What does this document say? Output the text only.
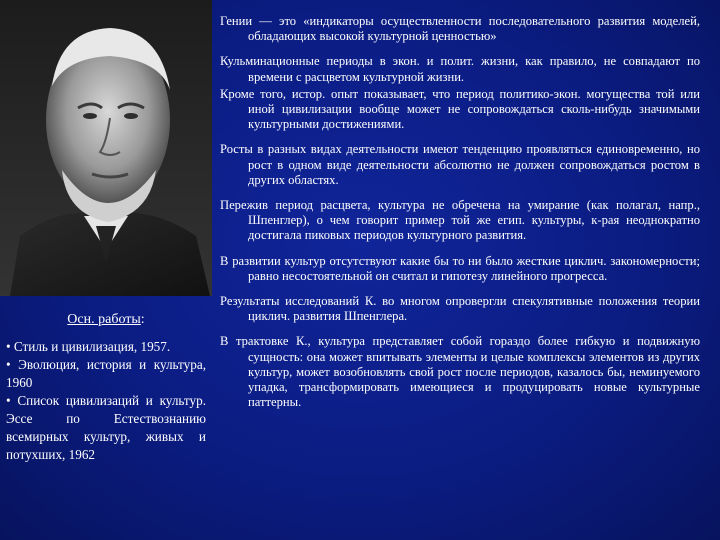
Осн. работы:

• Стиль и цивилизация, 1957.

• Эволюция, история и культура, 1960

• Список цивилизаций и культур. Эссе по Естествознанию всемирных культур, живых и потухших, 1962

Гении — это «индикаторы осуществленности последовательного развития моделей, обладающих высокой культурной ценностью»

Кульминационные периоды в экон. и полит. жизни, как правило, не совпадают по времени с расцветом культурной жизни.

Кроме того, истор. опыт показывает, что период политико-экон. могущества той или иной цивилизации вообще может не сопровождаться сколь-нибудь значимыми культурными достижениями.

Росты в разных видах деятельности имеют тенденцию проявляться единовременно, но рост в одном виде деятельности абсолютно не должен сопровождаться ростом в других областях.

Пережив период расцвета, культура не обречена на умирание (как полагал, напр., Шпенглер), о чем говорит пример той же егип. культуры, к-рая неоднократно достигала пиковых периодов культурного развития.

В развитии культур отсутствуют какие бы то ни было жесткие циклич. закономерности; равно несостоятельной он считал и гипотезу линейного прогресса.

Результаты исследований К. во многом опровергли спекулятивные положения теории циклич. развития Шпенглера.

В трактовке К., культура представляет собой гораздо более гибкую и подвижную сущность: она может впитывать элементы и целые комплексы элементов из других культур, может возобновлять свой рост после периодов, казалось бы, неминуемого упадка, трансформировать имеющиеся и продуцировать новые культурные паттерны.
